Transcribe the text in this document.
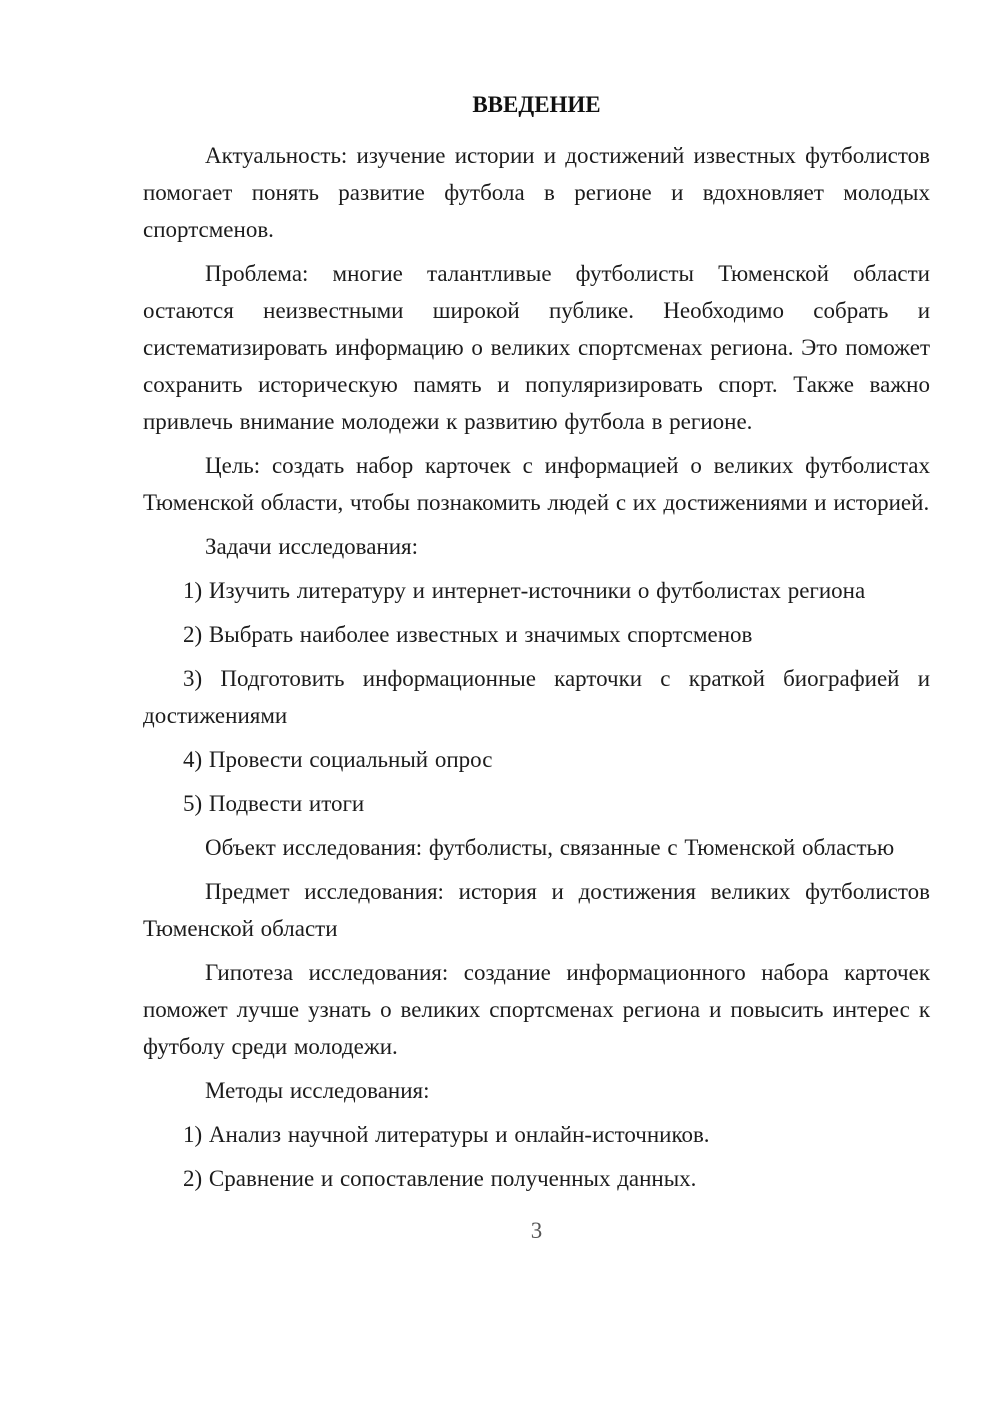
ВВЕДЕНИЕ

Актуальность: изучение истории и достижений известных футболистов помогает понять развитие футбола в регионе и вдохновляет молодых спортсменов.

Проблема: многие талантливые футболисты Тюменской области остаются неизвестными широкой публике. Необходимо собрать и систематизировать информацию о великих спортсменах региона. Это поможет сохранить историческую память и популяризировать спорт. Также важно привлечь внимание молодежи к развитию футбола в регионе.

Цель: создать набор карточек с информацией о великих футболистах Тюменской области, чтобы познакомить людей с их достижениями и историей.

Задачи исследования:

1) Изучить литературу и интернет-источники о футболистах региона

2) Выбрать наиболее известных и значимых спортсменов

3) Подготовить информационные карточки с краткой биографией и достижениями

4) Провести социальный опрос

5) Подвести итоги

Объект исследования: футболисты, связанные с Тюменской областью

Предмет исследования: история и достижения великих футболистов Тюменской области

Гипотеза исследования: создание информационного набора карточек поможет лучше узнать о великих спортсменах региона и повысить интерес к футболу среди молодежи.

Методы исследования:

1) Анализ научной литературы и онлайн-источников.

2) Сравнение и сопоставление полученных данных.

3
